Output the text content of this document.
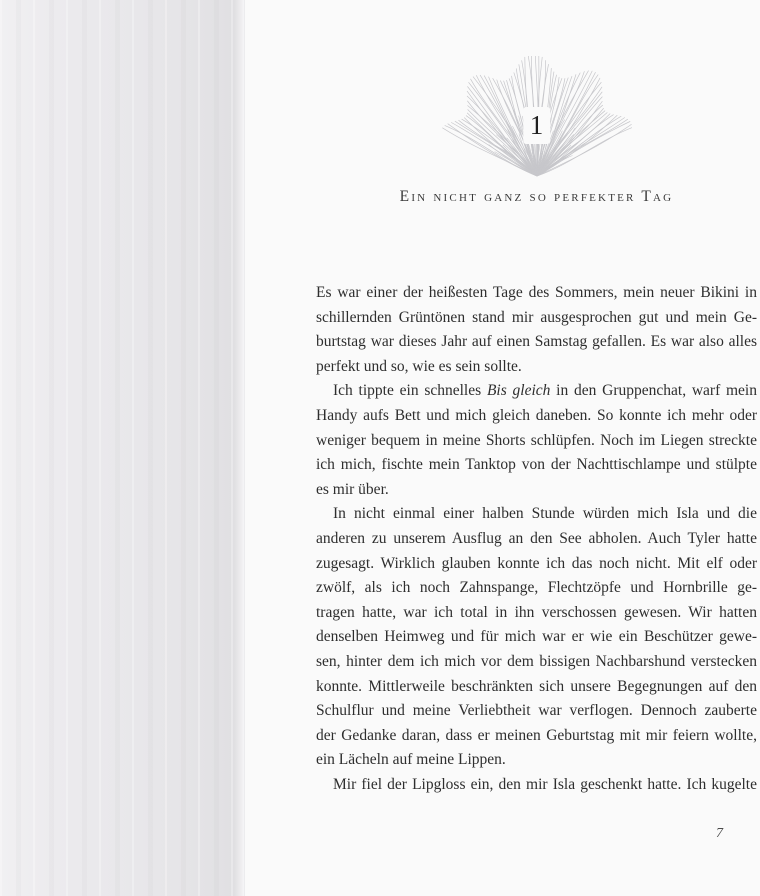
1
Ein nicht ganz so perfekter Tag
Es war einer der heißesten Tage des Sommers, mein neuer Bikini in
schillernden Grüntönen stand mir ausgesprochen gut und mein Ge-
burtstag war dieses Jahr auf einen Samstag gefallen. Es war also alles
perfekt und so, wie es sein sollte.
Ich tippte ein schnelles Bis gleich in den Gruppenchat, warf mein
Handy aufs Bett und mich gleich daneben. So konnte ich mehr oder
weniger bequem in meine Shorts schlüpfen. Noch im Liegen streckte
ich mich, fischte mein Tanktop von der Nachttischlampe und stülpte
es mir über.
In nicht einmal einer halben Stunde würden mich Isla und die
anderen zu unserem Ausflug an den See abholen. Auch Tyler hatte
zugesagt. Wirklich glauben konnte ich das noch nicht. Mit elf oder
zwölf, als ich noch Zahnspange, Flechtzöpfe und Hornbrille ge-
tragen hatte, war ich total in ihn verschossen gewesen. Wir hatten
denselben Heimweg und für mich war er wie ein Beschützer gewe-
sen, hinter dem ich mich vor dem bissigen Nachbarshund verstecken
konnte. Mittlerweile beschränkten sich unsere Begegnungen auf den
Schulflur und meine Verliebtheit war verflogen. Dennoch zauberte
der Gedanke daran, dass er meinen Geburtstag mit mir feiern wollte,
ein Lächeln auf meine Lippen.
Mir fiel der Lipgloss ein, den mir Isla geschenkt hatte. Ich kugelte
7
